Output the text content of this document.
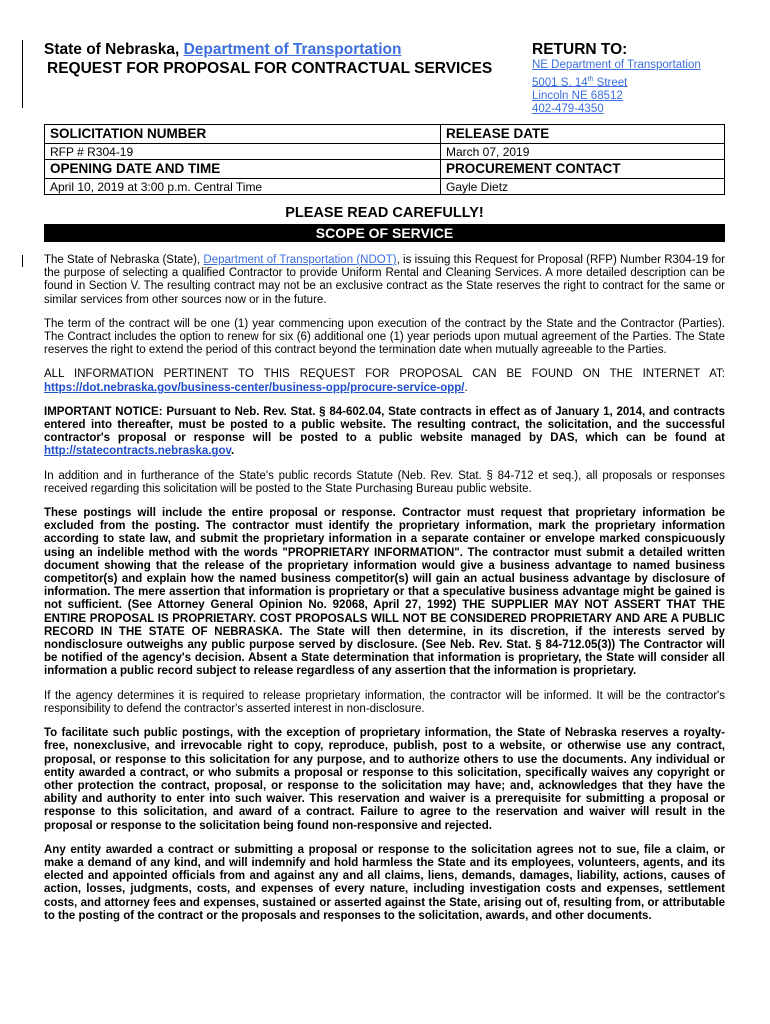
State of Nebraska, Department of Transportation
REQUEST FOR PROPOSAL FOR CONTRACTUAL SERVICES
RETURN TO:
NE Department of Transportation
5001 S. 14th Street
Lincoln NE 68512
402-479-4350
SOLICITATION NUMBER	RELEASE DATE
RFP # R304-19	March 07, 2019
OPENING DATE AND TIME	PROCUREMENT CONTACT
April 10, 2019 at 3:00 p.m. Central Time	Gayle Dietz
PLEASE READ CAREFULLY!
SCOPE OF SERVICE

The State of Nebraska (State), Department of Transportation (NDOT), is issuing this Request for Proposal (RFP) Number R304-19 for the purpose of selecting a qualified Contractor to provide Uniform Rental and Cleaning Services. A more detailed description can be found in Section V. The resulting contract may not be an exclusive contract as the State reserves the right to contract for the same or similar services from other sources now or in the future.

The term of the contract will be one (1) year commencing upon execution of the contract by the State and the Contractor (Parties). The Contract includes the option to renew for six (6) additional one (1) year periods upon mutual agreement of the Parties. The State reserves the right to extend the period of this contract beyond the termination date when mutually agreeable to the Parties.

ALL INFORMATION PERTINENT TO THIS REQUEST FOR PROPOSAL CAN BE FOUND ON THE INTERNET AT: https://dot.nebraska.gov/business-center/business-opp/procure-service-opp/.

IMPORTANT NOTICE: Pursuant to Neb. Rev. Stat. § 84-602.04, State contracts in effect as of January 1, 2014, and contracts entered into thereafter, must be posted to a public website. The resulting contract, the solicitation, and the successful contractor's proposal or response will be posted to a public website managed by DAS, which can be found at http://statecontracts.nebraska.gov.

In addition and in furtherance of the State's public records Statute (Neb. Rev. Stat. § 84-712 et seq.), all proposals or responses received regarding this solicitation will be posted to the State Purchasing Bureau public website.

These postings will include the entire proposal or response. Contractor must request that proprietary information be excluded from the posting. The contractor must identify the proprietary information, mark the proprietary information according to state law, and submit the proprietary information in a separate container or envelope marked conspicuously using an indelible method with the words "PROPRIETARY INFORMATION". The contractor must submit a detailed written document showing that the release of the proprietary information would give a business advantage to named business competitor(s) and explain how the named business competitor(s) will gain an actual business advantage by disclosure of information. The mere assertion that information is proprietary or that a speculative business advantage might be gained is not sufficient. (See Attorney General Opinion No. 92068, April 27, 1992) THE SUPPLIER MAY NOT ASSERT THAT THE ENTIRE PROPOSAL IS PROPRIETARY. COST PROPOSALS WILL NOT BE CONSIDERED PROPRIETARY AND ARE A PUBLIC RECORD IN THE STATE OF NEBRASKA. The State will then determine, in its discretion, if the interests served by nondisclosure outweighs any public purpose served by disclosure. (See Neb. Rev. Stat. § 84-712.05(3)) The Contractor will be notified of the agency's decision. Absent a State determination that information is proprietary, the State will consider all information a public record subject to release regardless of any assertion that the information is proprietary.

If the agency determines it is required to release proprietary information, the contractor will be informed. It will be the contractor's responsibility to defend the contractor's asserted interest in non-disclosure.

To facilitate such public postings, with the exception of proprietary information, the State of Nebraska reserves a royalty-free, nonexclusive, and irrevocable right to copy, reproduce, publish, post to a website, or otherwise use any contract, proposal, or response to this solicitation for any purpose, and to authorize others to use the documents. Any individual or entity awarded a contract, or who submits a proposal or response to this solicitation, specifically waives any copyright or other protection the contract, proposal, or response to the solicitation may have; and, acknowledges that they have the ability and authority to enter into such waiver. This reservation and waiver is a prerequisite for submitting a proposal or response to this solicitation, and award of a contract. Failure to agree to the reservation and waiver will result in the proposal or response to the solicitation being found non-responsive and rejected.

Any entity awarded a contract or submitting a proposal or response to the solicitation agrees not to sue, file a claim, or make a demand of any kind, and will indemnify and hold harmless the State and its employees, volunteers, agents, and its elected and appointed officials from and against any and all claims, liens, demands, damages, liability, actions, causes of action, losses, judgments, costs, and expenses of every nature, including investigation costs and expenses, settlement costs, and attorney fees and expenses, sustained or asserted against the State, arising out of, resulting from, or attributable to the posting of the contract or the proposals and responses to the solicitation, awards, and other documents.
